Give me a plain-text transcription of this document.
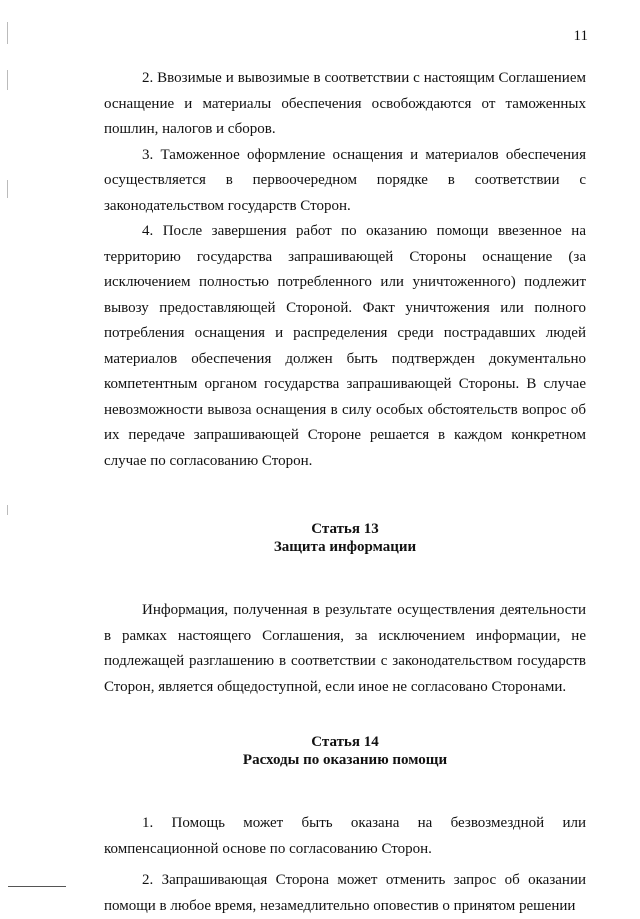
11

2. Ввозимые и вывозимые в соответствии с настоящим Соглашением оснащение и материалы обеспечения освобождаются от таможенных пошлин, налогов и сборов.

3. Таможенное оформление оснащения и материалов обеспечения осуществляется в первоочередном порядке в соответствии с законодательством государств Сторон.

4. После завершения работ по оказанию помощи ввезенное на территорию государства запрашивающей Стороны оснащение (за исключением полностью потребленного или уничтоженного) подлежит вывозу предоставляющей Стороной. Факт уничтожения или полного потребления оснащения и распределения среди пострадавших людей материалов обеспечения должен быть подтвержден документально компетентным органом государства запрашивающей Стороны. В случае невозможности вывоза оснащения в силу особых обстоятельств вопрос об их передаче запрашивающей Стороне решается в каждом конкретном случае по согласованию Сторон.

Статья 13

Защита информации

Информация, полученная в результате осуществления деятельности в рамках настоящего Соглашения, за исключением информации, не подлежащей разглашению в соответствии с законодательством государств Сторон, является общедоступной, если иное не согласовано Сторонами.

Статья 14

Расходы по оказанию помощи

1. Помощь может быть оказана на безвозмездной или компенсационной основе по согласованию Сторон.

2. Запрашивающая Сторона может отменить запрос об оказании помощи в любое время, незамедлительно оповестив о принятом решении
